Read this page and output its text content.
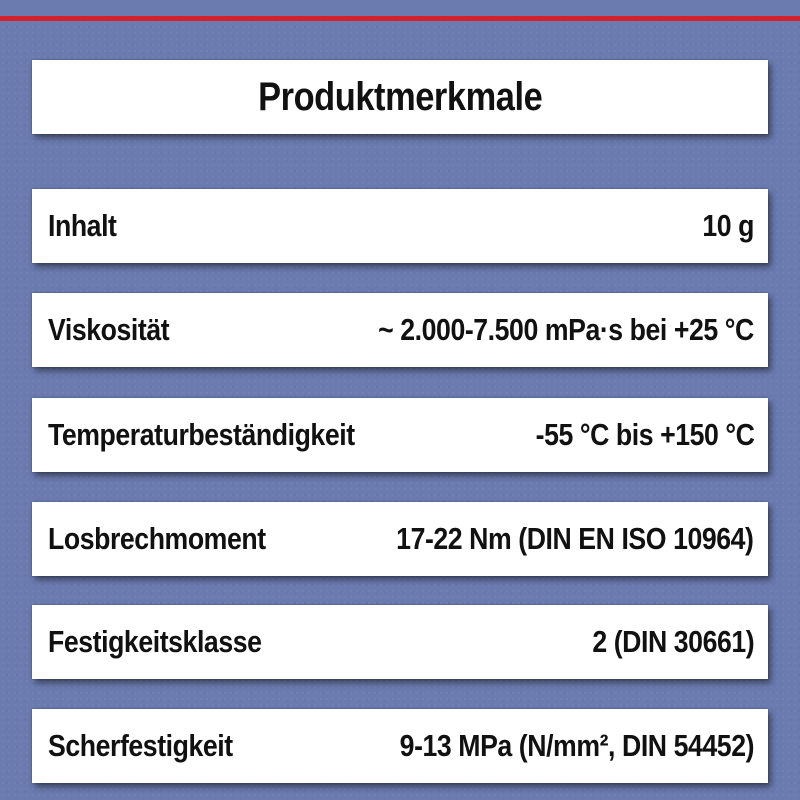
Produktmerkmale
Inhalt	10 g
Viskosität	~ 2.000-7.500 mPa·s bei +25 °C
Temperaturbeständigkeit	-55 °C bis +150 °C
Losbrechmoment	17-22 Nm (DIN EN ISO 10964)
Festigkeitsklasse	2 (DIN 30661)
Scherfestigkeit	9-13 MPa (N/mm², DIN 54452)
